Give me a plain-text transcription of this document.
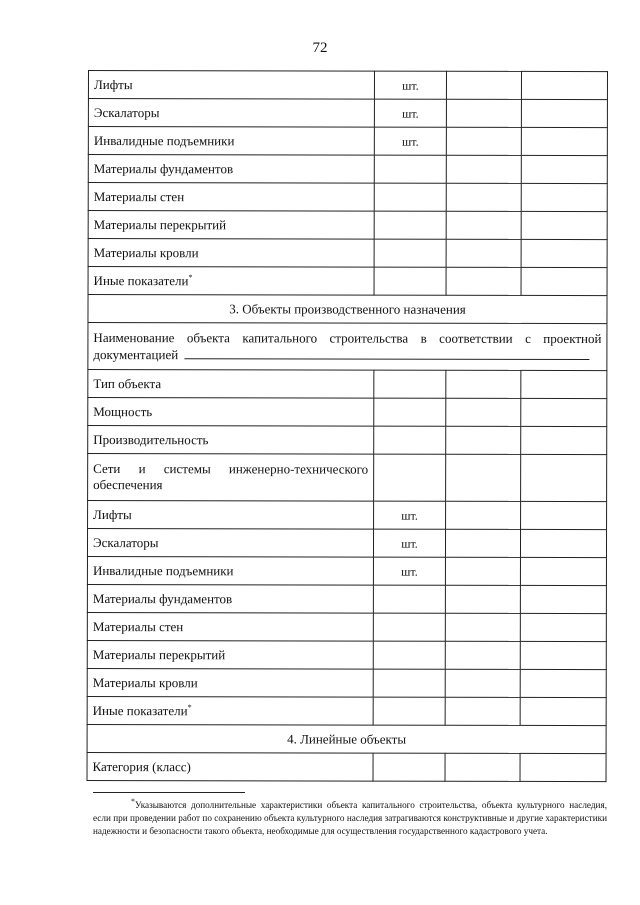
72
Лифты	шт.		
Эскалаторы	шт.		
Инвалидные подъемники	шт.		
Материалы фундаментов			
Материалы стен			
Материалы перекрытий			
Материалы кровли			
Иные показатели*			
3. Объекты производственного назначения			
Наименование объекта капитального строительства в соответствии с проектной документацией			
Тип объекта			
Мощность			
Производительность			
Сети и системы инженерно-технического обеспечения			
Лифты	шт.		
Эскалаторы	шт.		
Инвалидные подъемники	шт.		
Материалы фундаментов			
Материалы стен			
Материалы перекрытий			
Материалы кровли			
Иные показатели*			
4. Линейные объекты			
Категория (класс)			
*Указываются дополнительные характеристики объекта капитального строительства, объекта культурного наследия, если при проведении работ по сохранению объекта культурного наследия затрагиваются конструктивные и другие характеристики надежности и безопасности такого объекта, необходимые для осуществления государственного кадастрового учета.
